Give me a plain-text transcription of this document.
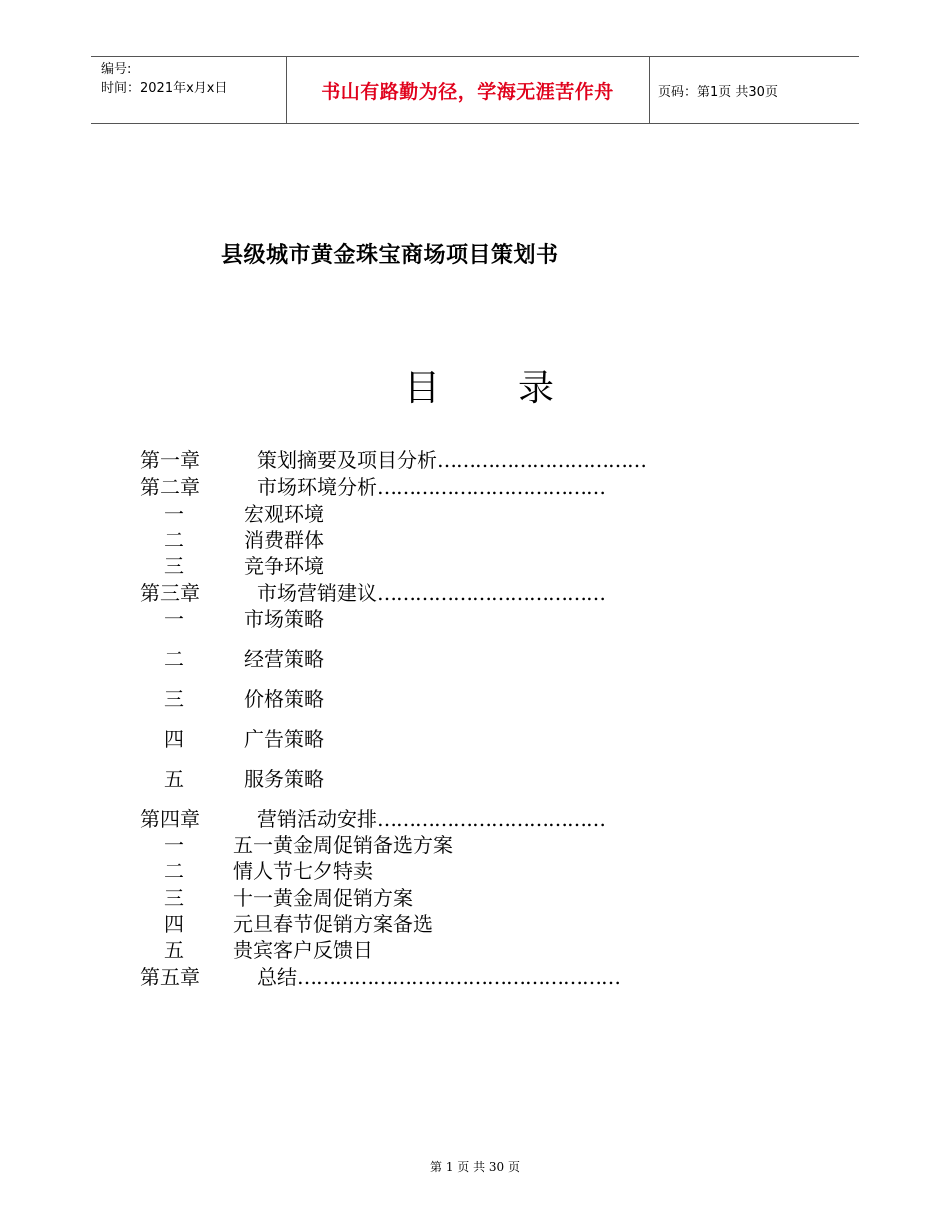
编号:
时间：2021年x月x日	书山有路勤为径，学海无涯苦作舟	页码：第1页 共30页
县级城市黄金珠宝商场项目策划书
目 录
第一章	策划摘要及项目分析……………………………
第二章	市场环境分析………………………………
一	宏观环境
二	消费群体
三	竞争环境
第三章	市场营销建议………………………………
一	市场策略
二	经营策略
三	价格策略
四	广告策略
五	服务策略
第四章	营销活动安排………………………………
一 五一黄金周促销备选方案
二 情人节七夕特卖
三 十一黄金周促销方案
四 元旦春节促销方案备选
五 贵宾客户反馈日
第五章	总结……………………………………………
第 1 页 共 30 页
